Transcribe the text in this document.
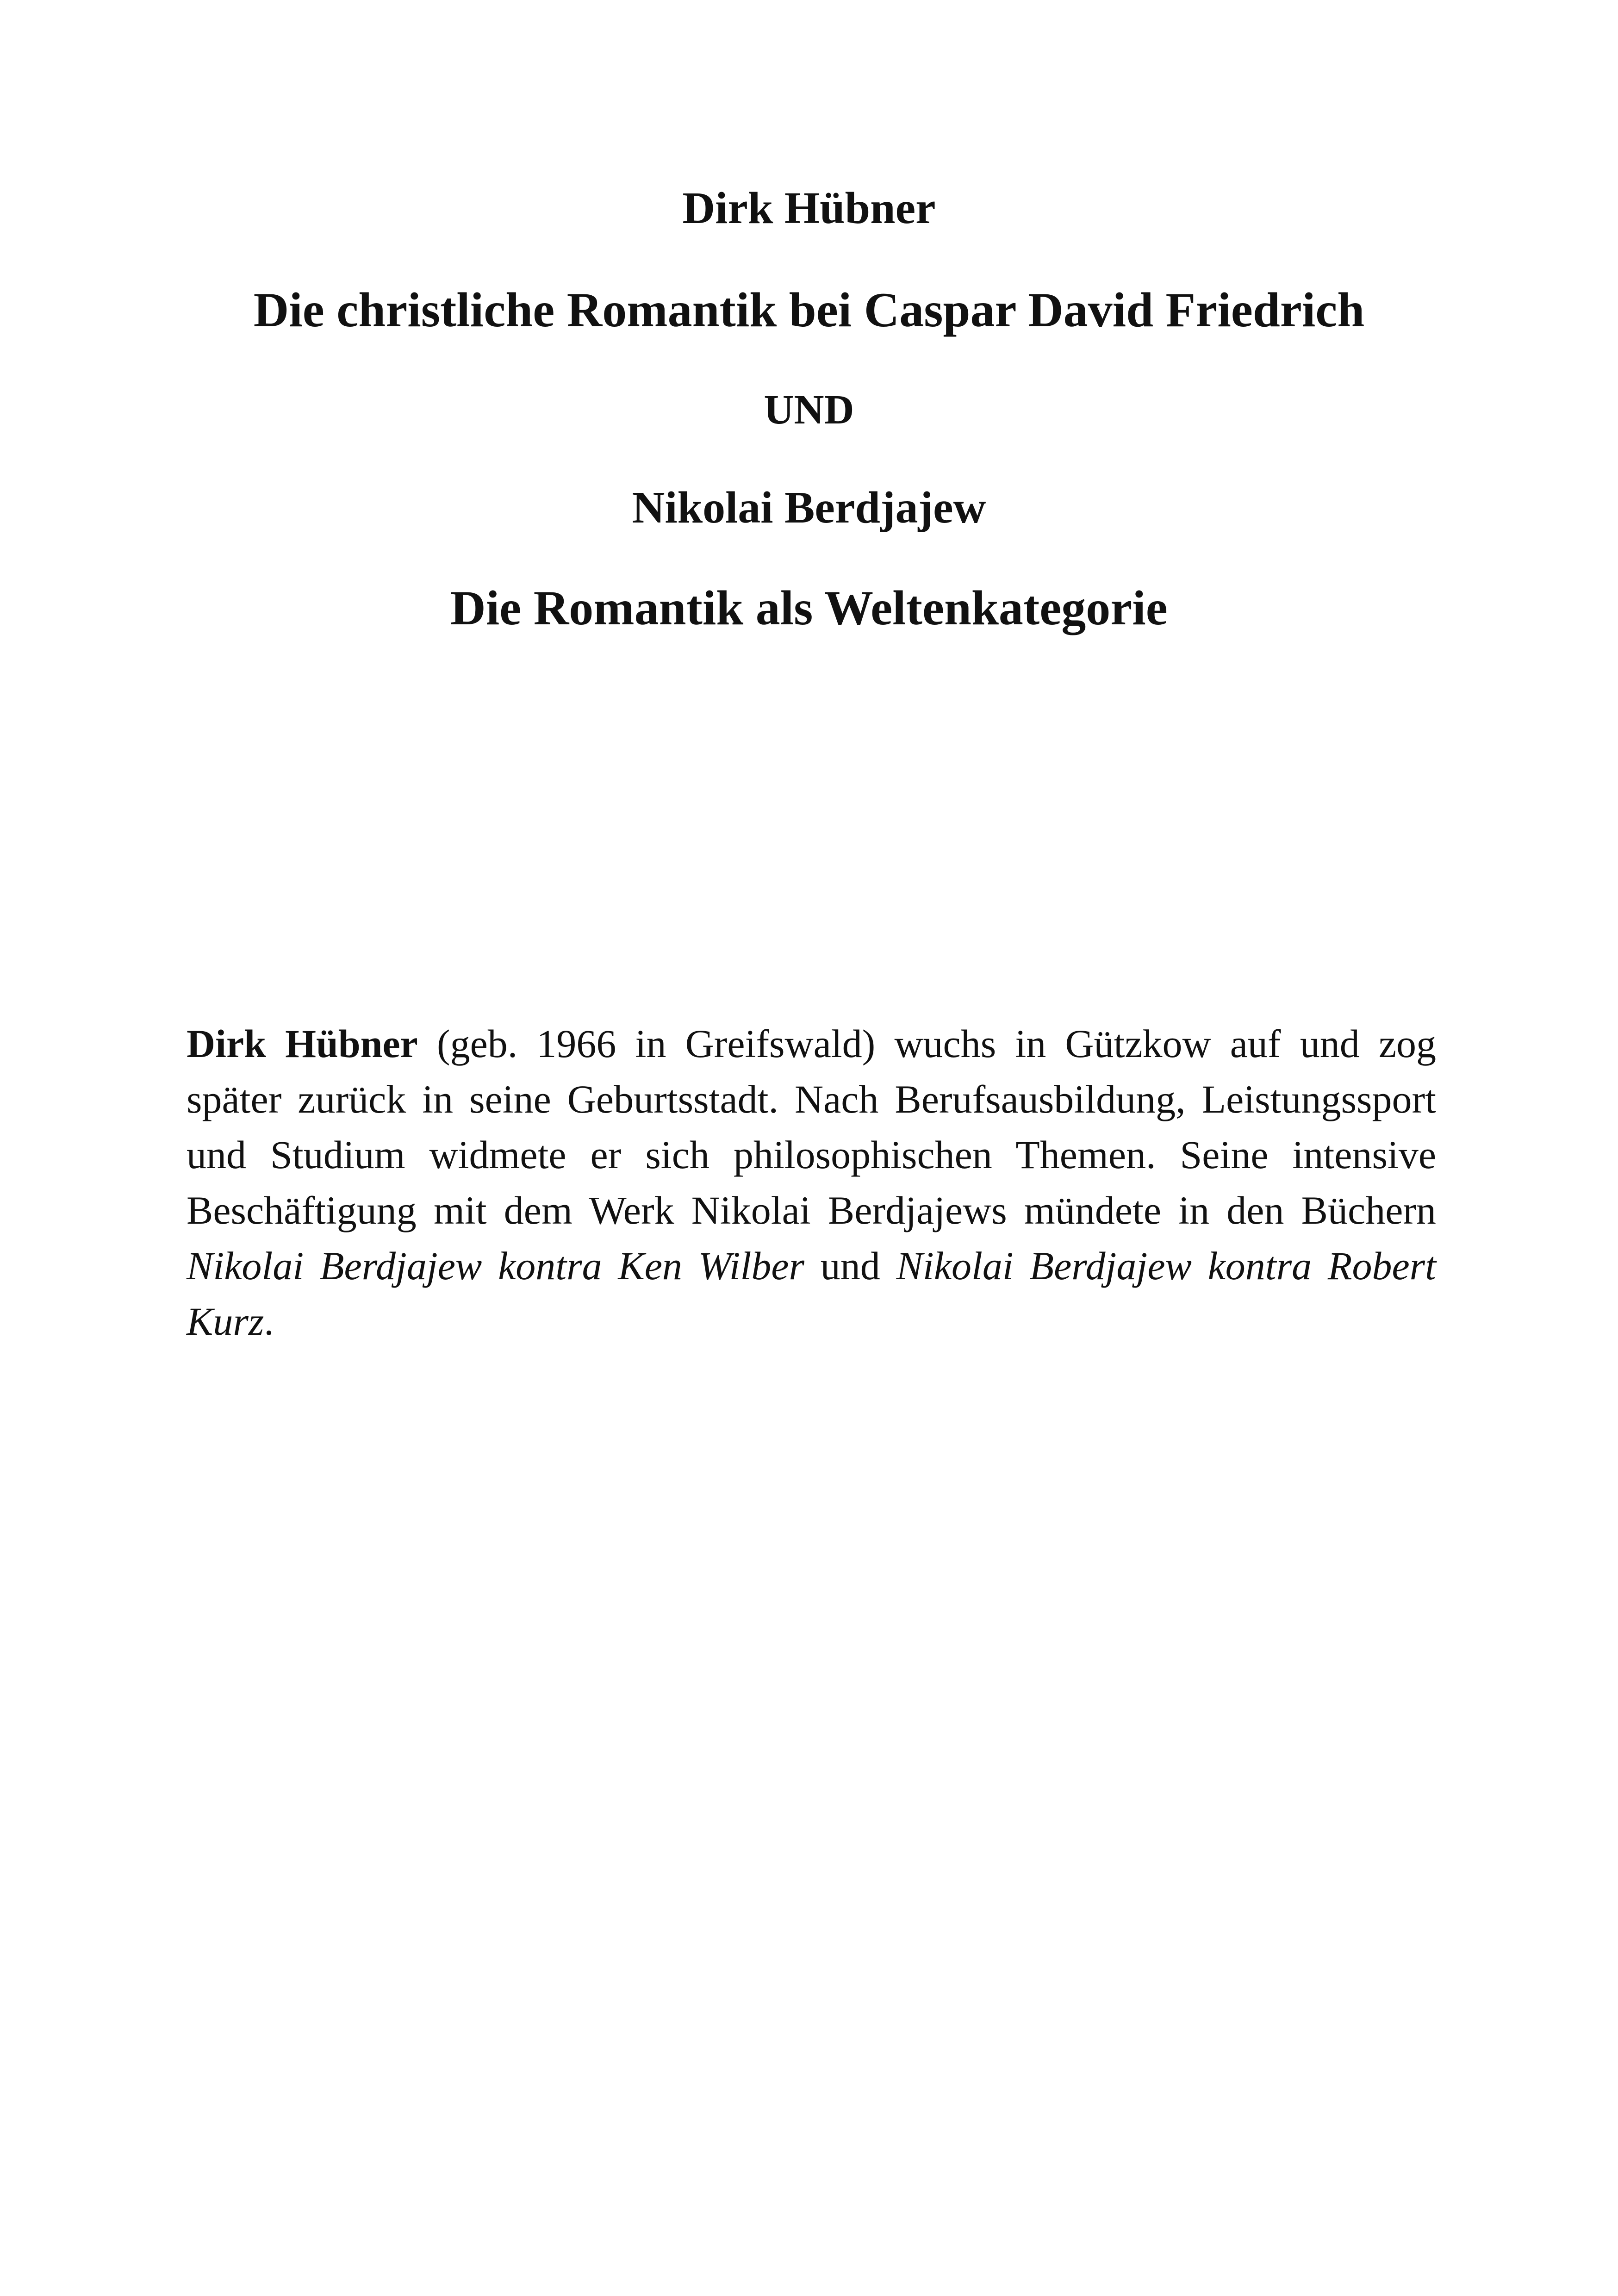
Dirk Hübner

Die christliche Romantik bei Caspar David Friedrich

UND

Nikolai Berdjajew

Die Romantik als Weltenkategorie

Dirk Hübner (geb. 1966 in Greifswald) wuchs in Gützkow auf und zog später zurück in seine Geburtsstadt. Nach Berufsausbildung, Leistungssport und Studium widmete er sich philosophischen Themen. Seine intensive Beschäftigung mit dem Werk Nikolai Berdjajews mündete in den Büchern Nikolai Berdjajew kontra Ken Wilber und Nikolai Berdjajew kontra Robert Kurz.
